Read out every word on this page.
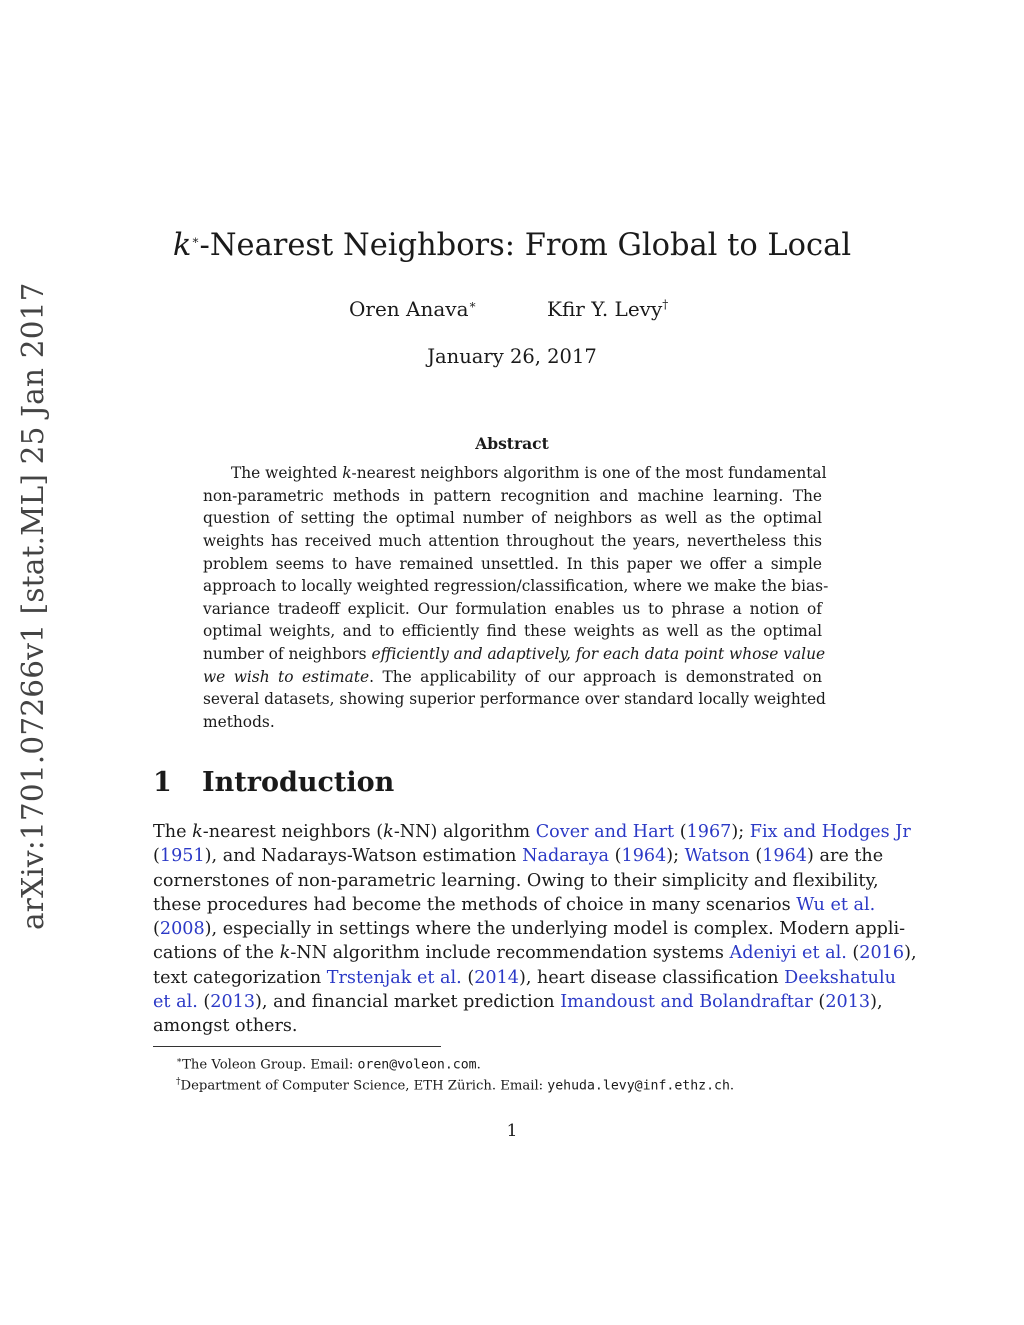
arXiv:1701.07266v1 [stat.ML] 25 Jan 2017
k∗-Nearest Neighbors: From Global to Local
Oren Anava∗	Kfir Y. Levy†
January 26, 2017
Abstract
The weighted k-nearest neighbors algorithm is one of the most fundamental
non-parametric methods in pattern recognition and machine learning. The
question of setting the optimal number of neighbors as well as the optimal
weights has received much attention throughout the years, nevertheless this
problem seems to have remained unsettled. In this paper we offer a simple
approach to locally weighted regression/classification, where we make the bias-
variance tradeoff explicit. Our formulation enables us to phrase a notion of
optimal weights, and to efficiently find these weights as well as the optimal
number of neighbors efficiently and adaptively, for each data point whose value
we wish to estimate. The applicability of our approach is demonstrated on
several datasets, showing superior performance over standard locally weighted
methods.
1 Introduction
The k-nearest neighbors (k-NN) algorithm Cover and Hart (1967); Fix and Hodges Jr
(1951), and Nadarays-Watson estimation Nadaraya (1964); Watson (1964) are the
cornerstones of non-parametric learning. Owing to their simplicity and flexibility,
these procedures had become the methods of choice in many scenarios Wu et al.
(2008), especially in settings where the underlying model is complex. Modern appli-
cations of the k-NN algorithm include recommendation systems Adeniyi et al. (2016),
text categorization Trstenjak et al. (2014), heart disease classification Deekshatulu
et al. (2013), and financial market prediction Imandoust and Bolandraftar (2013),
amongst others.
∗The Voleon Group. Email: oren@voleon.com.
†Department of Computer Science, ETH Zürich. Email: yehuda.levy@inf.ethz.ch.
1
